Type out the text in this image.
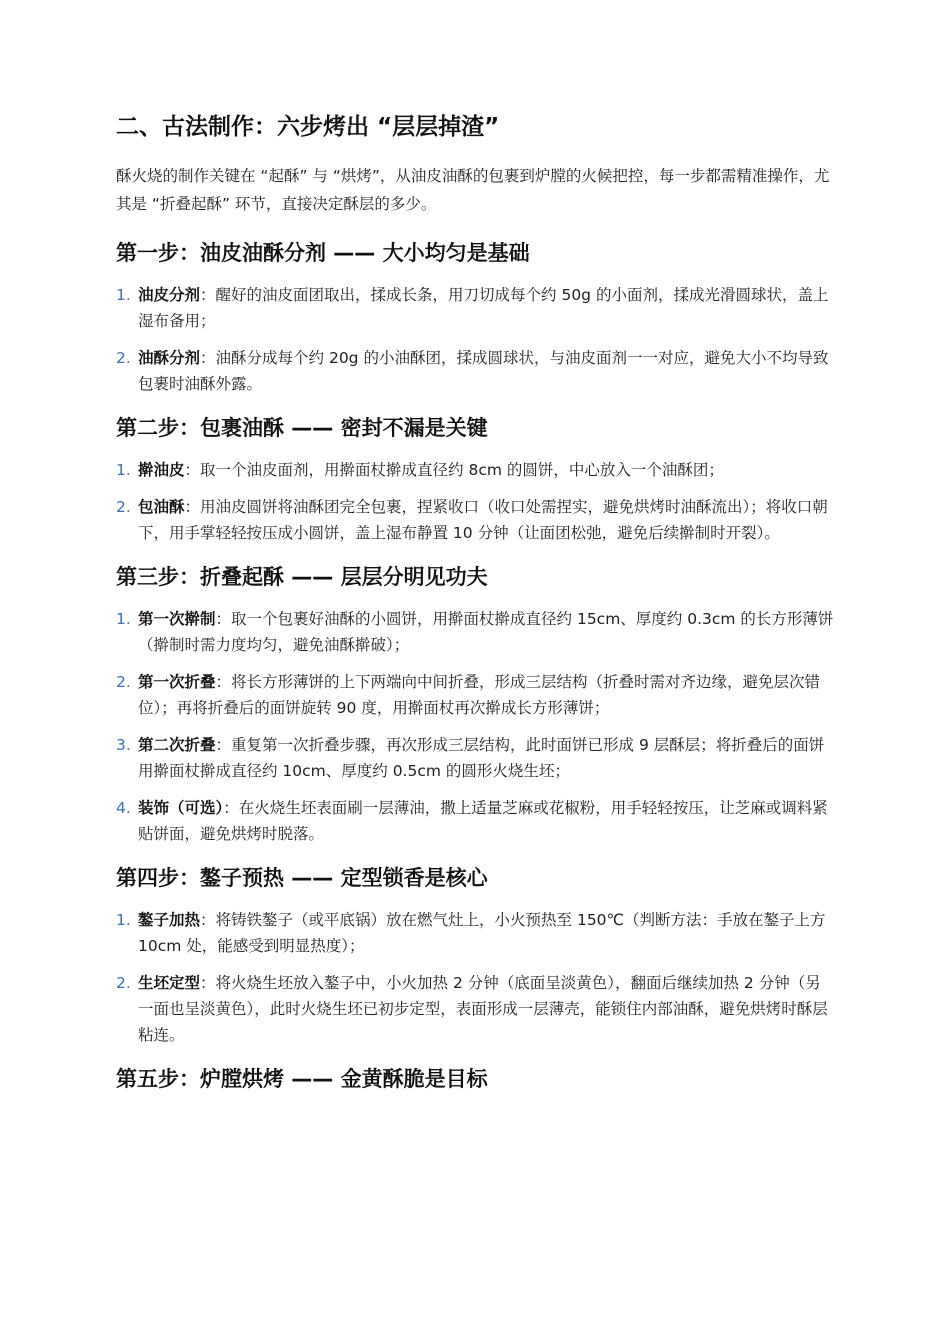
二、古法制作：六步烤出 “层层掉渣”

酥火烧的制作关键在 “起酥” 与 “烘烤”，从油皮油酥的包裹到炉膛的火候把控，每一步都需精准操作，尤其是 “折叠起酥” 环节，直接决定酥层的多少。

第一步：油皮油酥分剂 —— 大小均匀是基础
1. 油皮分剂：醒好的油皮面团取出，揉成长条，用刀切成每个约 50g 的小面剂，揉成光滑圆球状，盖上湿布备用；
2. 油酥分剂：油酥分成每个约 20g 的小油酥团，揉成圆球状，与油皮面剂一一对应，避免大小不均导致包裹时油酥外露。
第二步：包裹油酥 —— 密封不漏是关键
1. 擀油皮：取一个油皮面剂，用擀面杖擀成直径约 8cm 的圆饼，中心放入一个油酥团；
2. 包油酥：用油皮圆饼将油酥团完全包裹，捏紧收口（收口处需捏实，避免烘烤时油酥流出）；将收口朝下，用手掌轻轻按压成小圆饼，盖上湿布静置 10 分钟（让面团松弛，避免后续擀制时开裂）。
第三步：折叠起酥 —— 层层分明见功夫
1. 第一次擀制：取一个包裹好油酥的小圆饼，用擀面杖擀成直径约 15cm、厚度约 0.3cm 的长方形薄饼（擀制时需力度均匀，避免油酥擀破）；
2. 第一次折叠：将长方形薄饼的上下两端向中间折叠，形成三层结构（折叠时需对齐边缘，避免层次错位）；再将折叠后的面饼旋转 90 度，用擀面杖再次擀成长方形薄饼；
3. 第二次折叠：重复第一次折叠步骤，再次形成三层结构，此时面饼已形成 9 层酥层；将折叠后的面饼用擀面杖擀成直径约 10cm、厚度约 0.5cm 的圆形火烧生坯；
4. 装饰（可选）：在火烧生坯表面刷一层薄油，撒上适量芝麻或花椒粉，用手轻轻按压，让芝麻或调料紧贴饼面，避免烘烤时脱落。
第四步：鏊子预热 —— 定型锁香是核心
1. 鏊子加热：将铸铁鏊子（或平底锅）放在燃气灶上，小火预热至 150℃（判断方法：手放在鏊子上方 10cm 处，能感受到明显热度）；
2. 生坯定型：将火烧生坯放入鏊子中，小火加热 2 分钟（底面呈淡黄色），翻面后继续加热 2 分钟（另一面也呈淡黄色），此时火烧生坯已初步定型，表面形成一层薄壳，能锁住内部油酥，避免烘烤时酥层粘连。
第五步：炉膛烘烤 —— 金黄酥脆是目标
